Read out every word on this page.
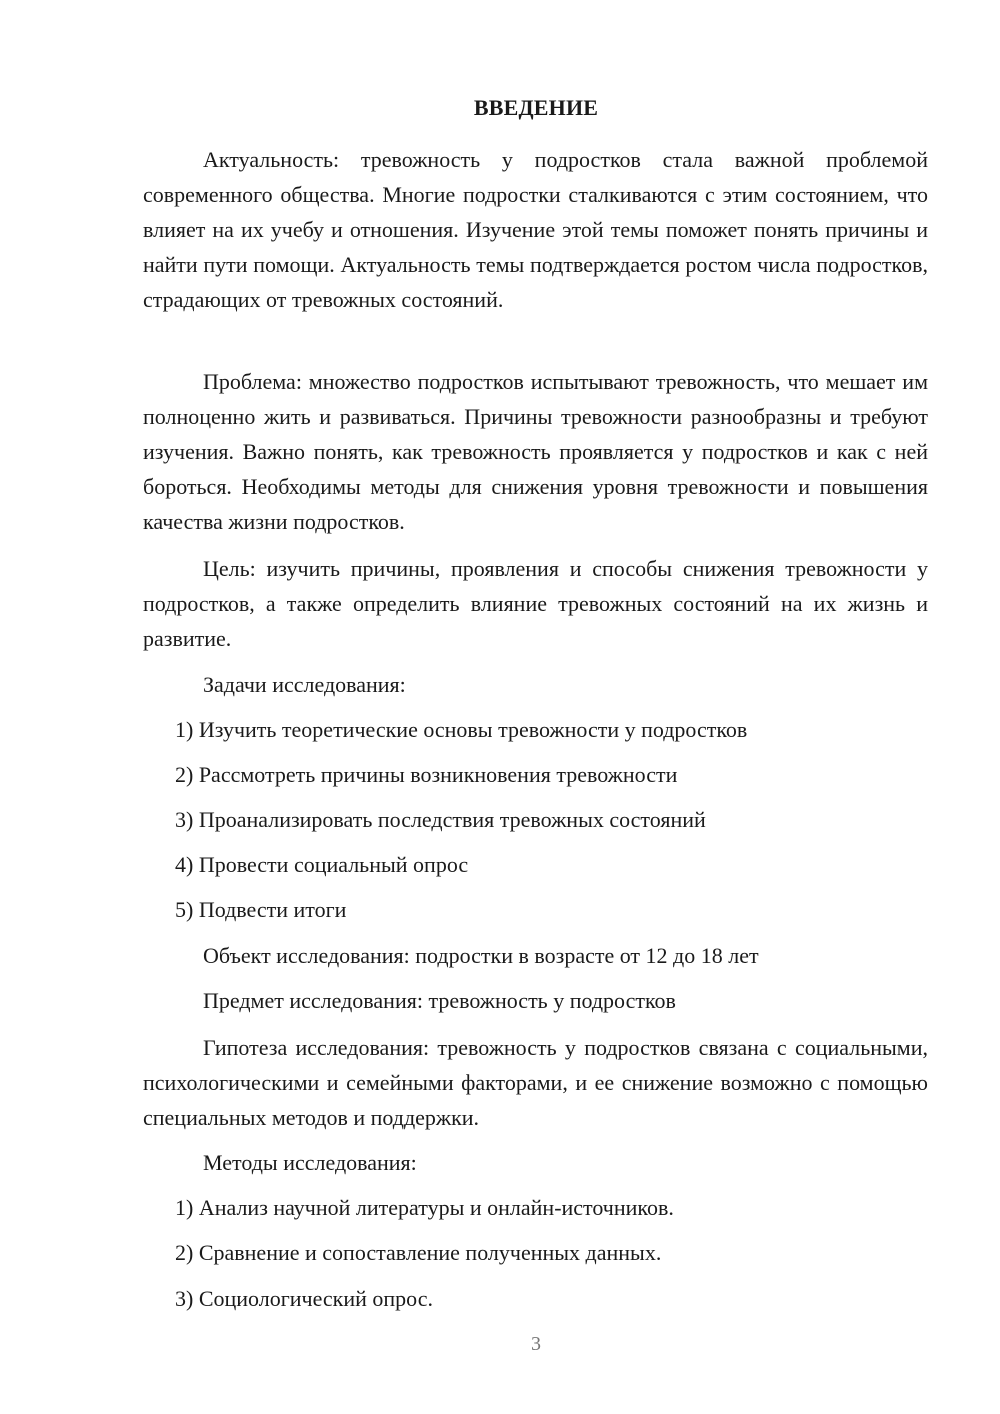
ВВЕДЕНИЕ

Актуальность: тревожность у подростков стала важной проблемой современного общества. Многие подростки сталкиваются с этим состоянием, что влияет на их учебу и отношения. Изучение этой темы поможет понять причины и найти пути помощи. Актуальность темы подтверждается ростом числа подростков, страдающих от тревожных состояний.

Проблема: множество подростков испытывают тревожность, что мешает им полноценно жить и развиваться. Причины тревожности разнообразны и требуют изучения. Важно понять, как тревожность проявляется у подростков и как с ней бороться. Необходимы методы для снижения уровня тревожности и повышения качества жизни подростков.

Цель: изучить причины, проявления и способы снижения тревожности у подростков, а также определить влияние тревожных состояний на их жизнь и развитие.

Задачи исследования:

1) Изучить теоретические основы тревожности у подростков

2) Рассмотреть причины возникновения тревожности

3) Проанализировать последствия тревожных состояний

4) Провести социальный опрос

5) Подвести итоги

Объект исследования: подростки в возрасте от 12 до 18 лет

Предмет исследования: тревожность у подростков

Гипотеза исследования: тревожность у подростков связана с социальными, психологическими и семейными факторами, и ее снижение возможно с помощью специальных методов и поддержки.

Методы исследования:

1) Анализ научной литературы и онлайн-источников.

2) Сравнение и сопоставление полученных данных.

3) Социологический опрос.

3
